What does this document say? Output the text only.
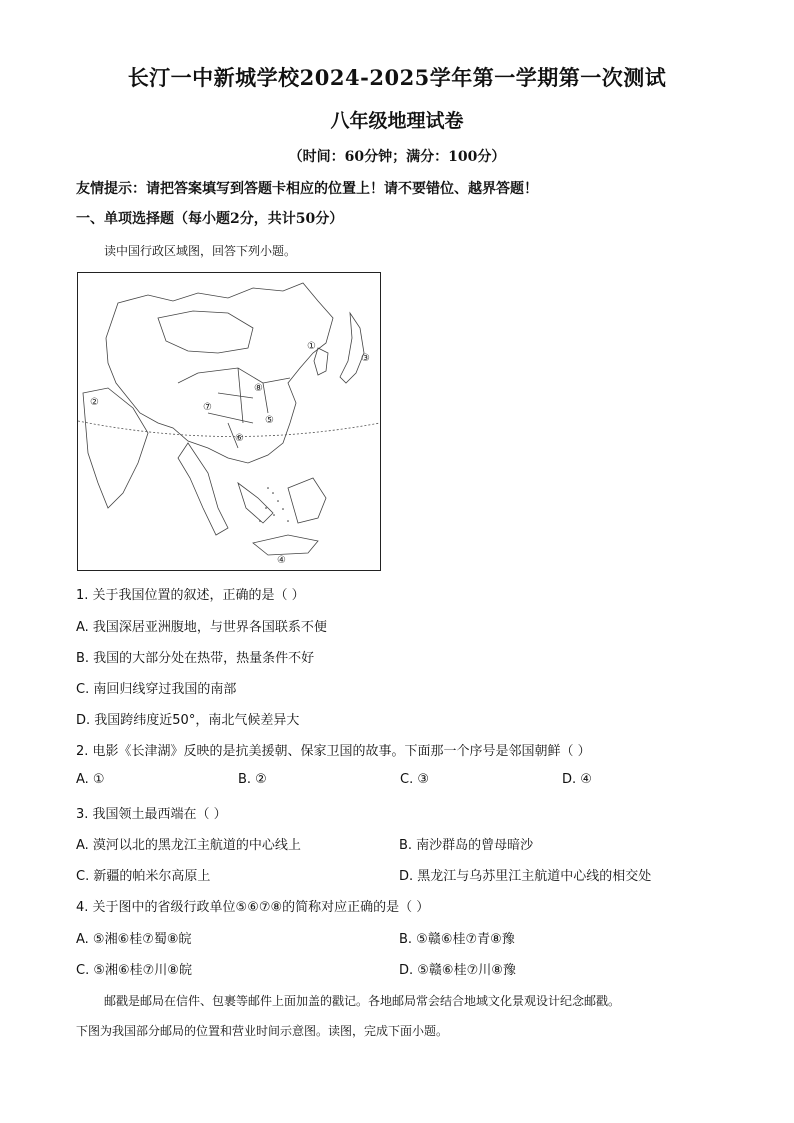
长汀一中新城学校2024-2025学年第一学期第一次测试
八年级地理试卷
（时间：60分钟；满分：100分）
友情提示：请把答案填写到答题卡相应的位置上！请不要错位、越界答题！
一、单项选择题（每小题2分，共计50分）
读中国行政区域图，回答下列小题。
①
②
③
④
⑤
⑥
⑦
⑧
1. 关于我国位置的叙述，正确的是（ ）
A. 我国深居亚洲腹地，与世界各国联系不便
B. 我国的大部分处在热带，热量条件不好
C. 南回归线穿过我国的南部
D. 我国跨纬度近50°，南北气候差异大
2. 电影《长津湖》反映的是抗美援朝、保家卫国的故事。下面那一个序号是邻国朝鲜（ ）
A. ①	B. ②	C. ③	D. ④
3. 我国领土最西端在（ ）
A. 漠河以北的黑龙江主航道的中心线上	B. 南沙群岛的曾母暗沙
C. 新疆的帕米尔高原上	D. 黑龙江与乌苏里江主航道中心线的相交处
4. 关于图中的省级行政单位⑤⑥⑦⑧的简称对应正确的是（ ）
A. ⑤湘⑥桂⑦蜀⑧皖	B. ⑤赣⑥桂⑦青⑧豫
C. ⑤湘⑥桂⑦川⑧皖	D. ⑤赣⑥桂⑦川⑧豫
邮戳是邮局在信件、包裹等邮件上面加盖的戳记。各地邮局常会结合地域文化景观设计纪念邮戳。
下图为我国部分邮局的位置和营业时间示意图。读图，完成下面小题。
